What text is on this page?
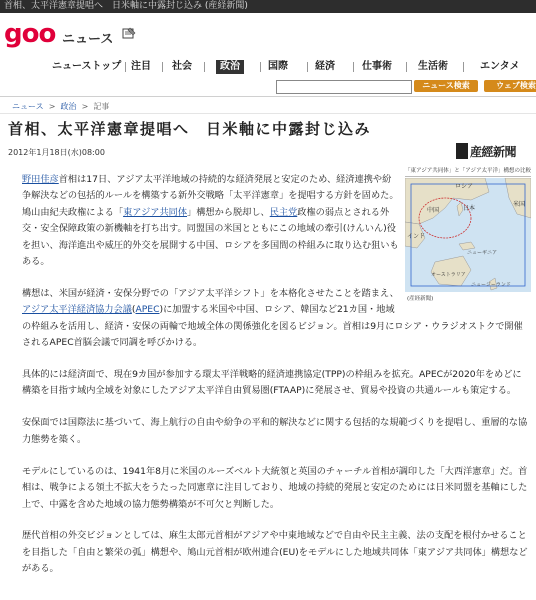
首相、太平洋憲章提唱へ　日米軸に中露封じ込み (産経新聞)
goo ニュース
ニューストップ 注目	社会	政治	国際	経済	仕事術	生活術	エンタメ
ニュース検索	ウェブ検索
ニュース  >  政治  >  記事
首相、太平洋憲章提唱へ　日米軸に中露封じ込み
2012年1月18日(水)08:00	産經新聞
「東アジア共同体」と「アジア太平洋」構想の比較
ロシア
中国	日本
米国
インド
ニューギニア
オーストラリア
ニュージーランド
(産経新聞)

野田佳彦首相は17日、アジア太平洋地域の持続的な経済発展と安定のため、経済連携や紛争解決などの包括的ルールを構築する新外交戦略「太平洋憲章」を提唱する方針を固めた。鳩山由紀夫政権による「東アジア共同体」構想から脱却し、民主党政権の弱点とされる外交・安全保障政策の新機軸を打ち出す。同盟国の米国とともにこの地域の牽引(けんいん)役を担い、海洋進出や威圧的外交を展開する中国、ロシアを多国間の枠組みに取り込む狙いもある。

構想は、米国が経済・安保分野での「アジア太平洋シフト」を本格化させたことを踏まえ、アジア太平洋経済協力会議(APEC)に加盟する米国や中国、ロシア、韓国など21カ国・地域の枠組みを活用し、経済・安保の両輪で地域全体の関係強化を図るビジョン。首相は9月にロシア・ウラジオストクで開催されるAPEC首脳会議で同調を呼びかける。

具体的には経済面で、現在9カ国が参加する環太平洋戦略的経済連携協定(TPP)の枠組みを拡充。APECが2020年をめどに構築を目指す域内全域を対象にしたアジア太平洋自由貿易圏(FTAAP)に発展させ、貿易や投資の共通ルールも策定する。

安保面では国際法に基づいて、海上航行の自由や紛争の平和的解決などに関する包括的な規範づくりを提唱し、重層的な協力態勢を築く。

モデルにしているのは、1941年8月に米国のルーズベルト大統領と英国のチャーチル首相が調印した「大西洋憲章」だ。首相は、戦争による領土不拡大をうたった同憲章に注目しており、地域の持続的発展と安定のためには日米同盟を基軸にした上で、中露を含めた地域の協力態勢構築が不可欠と判断した。

歴代首相の外交ビジョンとしては、麻生太郎元首相がアジアや中東地域などで自由や民主主義、法の支配を根付かせることを目指した「自由と繁栄の弧」構想や、鳩山元首相が欧州連合(EU)をモデルにした地域共同体「東アジア共同体」構想などがある。
